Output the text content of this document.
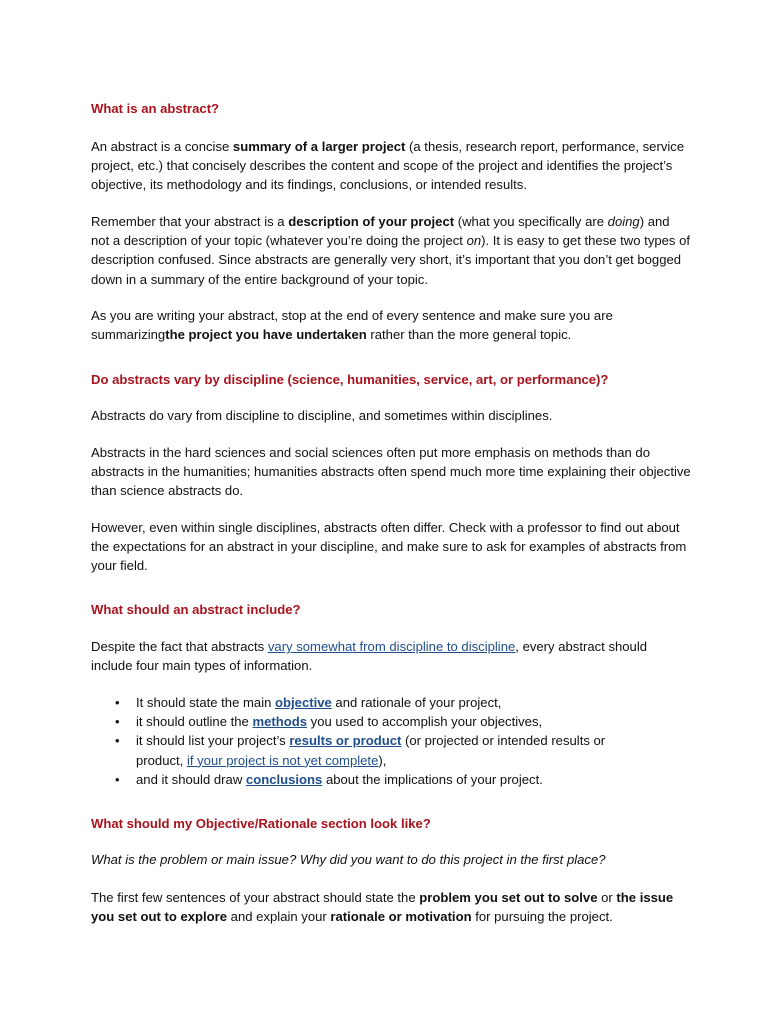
What is an abstract?

An abstract is a concise summary of a larger project (a thesis, research report, performance, service project, etc.) that concisely describes the content and scope of the project and identifies the project’s objective, its methodology and its findings, conclusions, or intended results.

Remember that your abstract is a description of your project (what you specifically are doing) and not a description of your topic (whatever you’re doing the project on). It is easy to get these two types of description confused. Since abstracts are generally very short, it’s important that you don’t get bogged down in a summary of the entire background of your topic.

As you are writing your abstract, stop at the end of every sentence and make sure you are summarizingthe project you have undertaken rather than the more general topic.

Do abstracts vary by discipline (science, humanities, service, art, or performance)?

Abstracts do vary from discipline to discipline, and sometimes within disciplines.

Abstracts in the hard sciences and social sciences often put more emphasis on methods than do abstracts in the humanities; humanities abstracts often spend much more time explaining their objective than science abstracts do.

However, even within single disciplines, abstracts often differ. Check with a professor to find out about the expectations for an abstract in your discipline, and make sure to ask for examples of abstracts from your field.

What should an abstract include?

Despite the fact that abstracts vary somewhat from discipline to discipline, every abstract should include four main types of information.

• It should state the main objective and rationale of your project,
• it should outline the methods you used to accomplish your objectives,
• it should list your project’s results or product (or projected or intended results or product, if your project is not yet complete),
• and it should draw conclusions about the implications of your project.

What should my Objective/Rationale section look like?

What is the problem or main issue? Why did you want to do this project in the first place?

The first few sentences of your abstract should state the problem you set out to solve or the issue you set out to explore and explain your rationale or motivation for pursuing the project.
